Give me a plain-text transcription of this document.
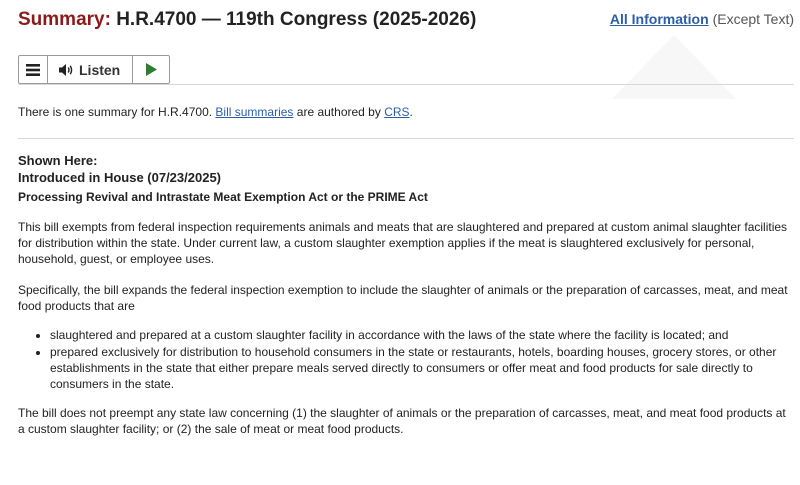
Summary: H.R.4700 — 119th Congress (2025-2026)	All Information (Except Text)
Listen
There is one summary for H.R.4700. Bill summaries are authored by CRS.
Shown Here:
Introduced in House (07/23/2025)
Processing Revival and Intrastate Meat Exemption Act or the PRIME Act

This bill exempts from federal inspection requirements animals and meats that are slaughtered and prepared at custom animal slaughter facilities for distribution within the state. Under current law, a custom slaughter exemption applies if the meat is slaughtered exclusively for personal, household, guest, or employee uses.

Specifically, the bill expands the federal inspection exemption to include the slaughter of animals or the preparation of carcasses, meat, and meat food products that are

• slaughtered and prepared at a custom slaughter facility in accordance with the laws of the state where the facility is located; and
• prepared exclusively for distribution to household consumers in the state or restaurants, hotels, boarding houses, grocery stores, or other establishments in the state that either prepare meals served directly to consumers or offer meat and food products for sale directly to consumers in the state.

The bill does not preempt any state law concerning (1) the slaughter of animals or the preparation of carcasses, meat, and meat food products at a custom slaughter facility; or (2) the sale of meat or meat food products.
